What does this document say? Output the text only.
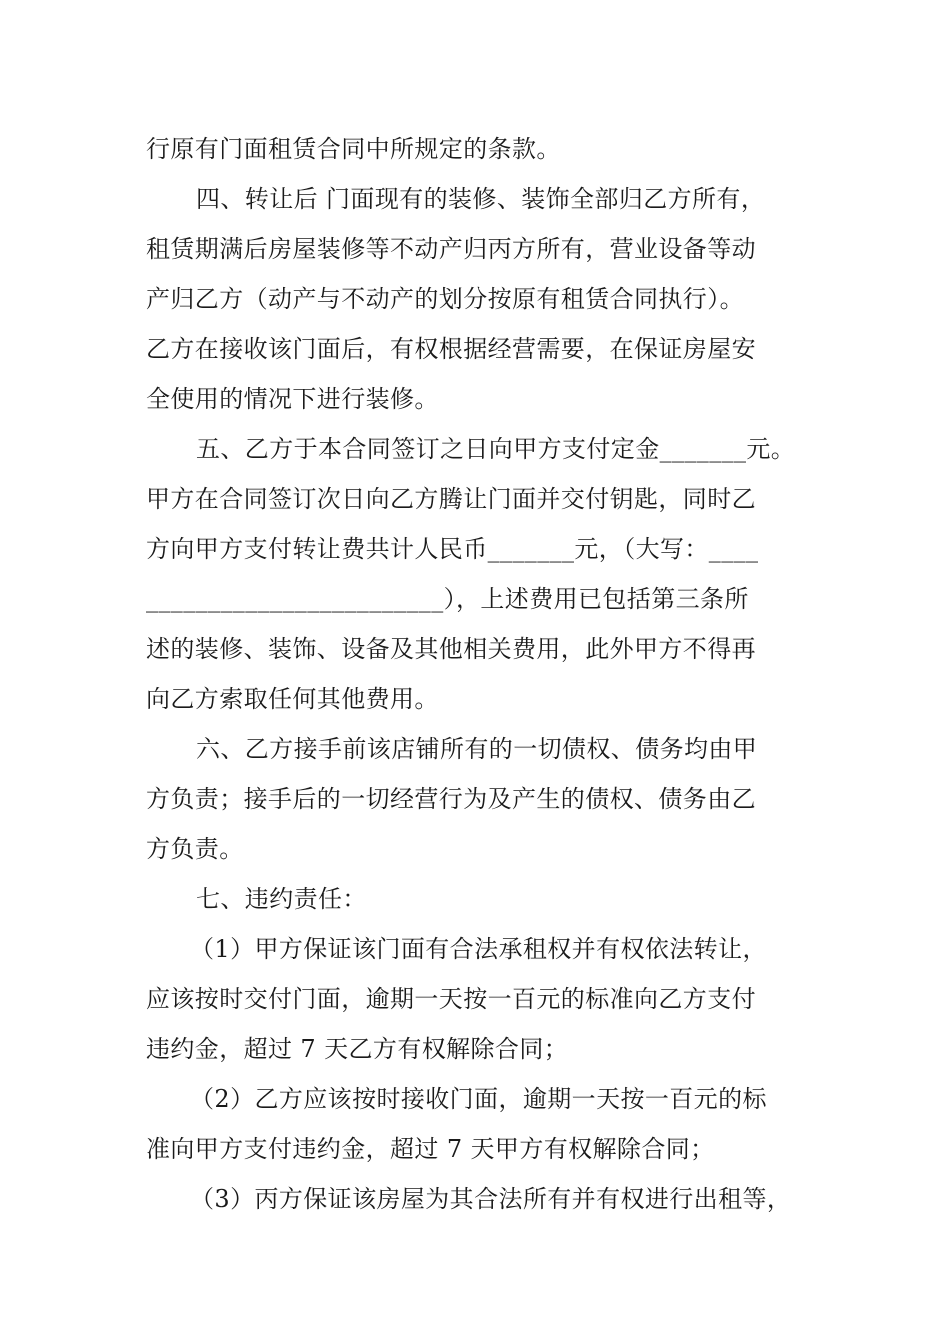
行原有门面租赁合同中所规定的条款。
四、转让后 门面现有的装修、装饰全部归乙方所有，
租赁期满后房屋装修等不动产归丙方所有，营业设备等动
产归乙方（动产与不动产的划分按原有租赁合同执行）。
乙方在接收该门面后，有权根据经营需要，在保证房屋安
全使用的情况下进行装修。
五、乙方于本合同签订之日向甲方支付定金_______元。
甲方在合同签订次日向乙方腾让门面并交付钥匙，同时乙
方向甲方支付转让费共计人民币_______元，（大写：____
________________________），上述费用已包括第三条所
述的装修、装饰、设备及其他相关费用，此外甲方不得再
向乙方索取任何其他费用。
六、乙方接手前该店铺所有的一切债权、债务均由甲
方负责；接手后的一切经营行为及产生的债权、债务由乙
方负责。
七、违约责任：
（1）甲方保证该门面有合法承租权并有权依法转让，
应该按时交付门面，逾期一天按一百元的标准向乙方支付
违约金，超过 7 天乙方有权解除合同；
（2）乙方应该按时接收门面，逾期一天按一百元的标
准向甲方支付违约金，超过 7 天甲方有权解除合同；
（3）丙方保证该房屋为其合法所有并有权进行出租等，
